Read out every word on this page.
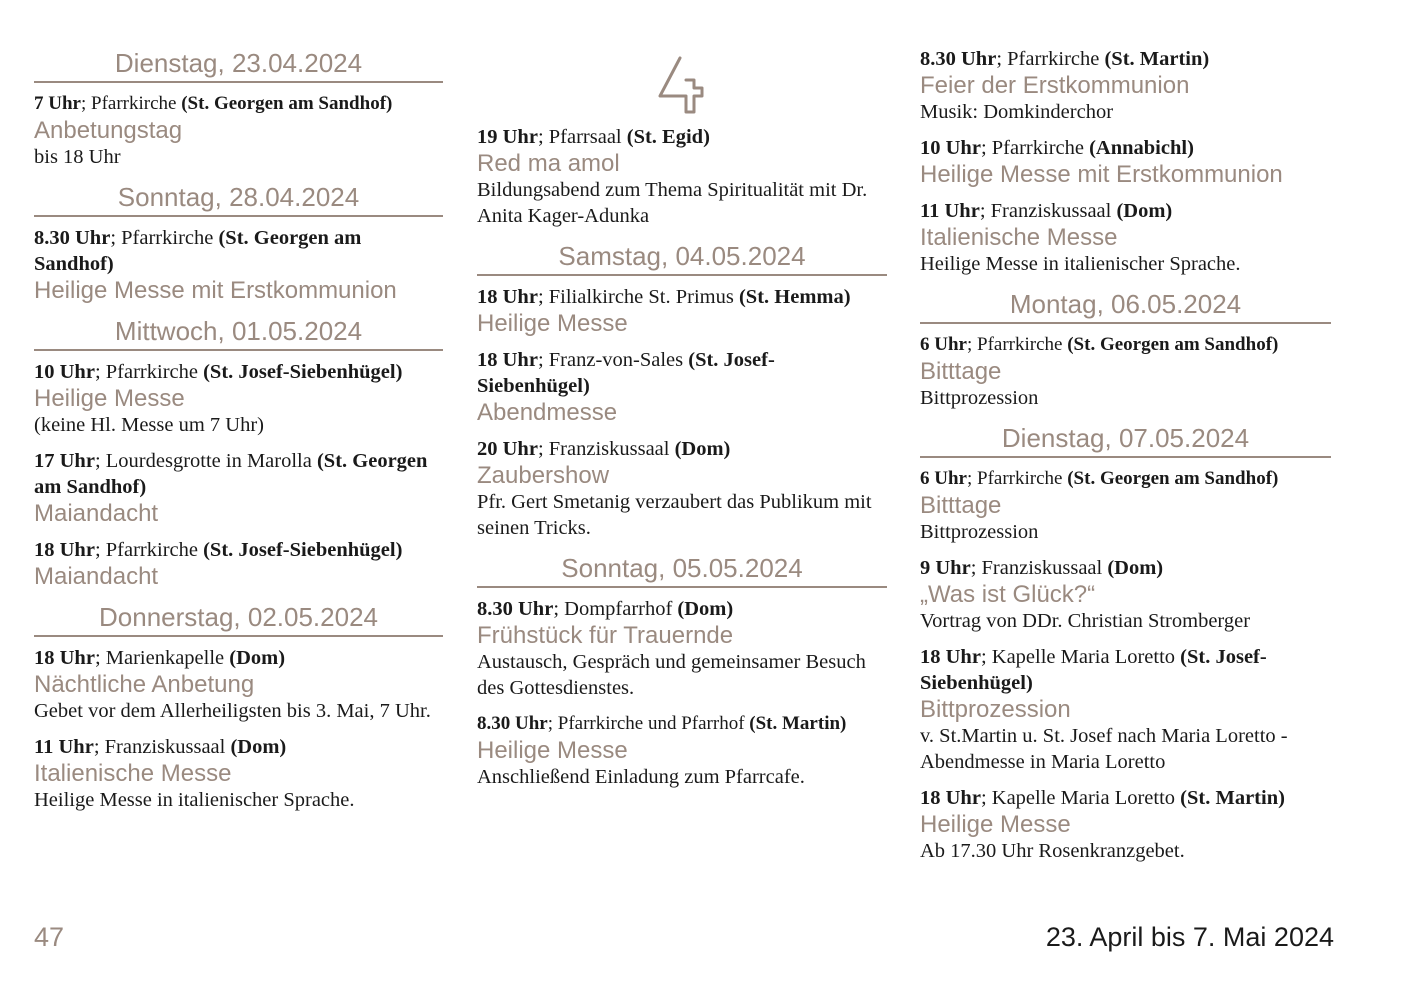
Dienstag, 23.04.2024
7 Uhr; Pfarrkirche (St. Georgen am Sandhof)
Anbetungstag
bis 18 Uhr
Sonntag, 28.04.2024
8.30 Uhr; Pfarrkirche (St. Georgen am Sandhof)
Heilige Messe mit Erstkommunion
Mittwoch, 01.05.2024
10 Uhr; Pfarrkirche (St. Josef-Siebenhügel)
Heilige Messe
(keine Hl. Messe um 7 Uhr)
17 Uhr; Lourdesgrotte in Marolla (St. Georgen am Sandhof)
Maiandacht
18 Uhr; Pfarrkirche (St. Josef-Siebenhügel)
Maiandacht
Donnerstag, 02.05.2024
18 Uhr; Marienkapelle (Dom)
Nächtliche Anbetung
Gebet vor dem Allerheiligsten bis 3. Mai, 7 Uhr.
11 Uhr; Franziskussaal (Dom)
Italienische Messe
Heilige Messe in italienischer Sprache.
19 Uhr; Pfarrsaal (St. Egid)
Red ma amol
Bildungsabend zum Thema Spiritualität mit Dr. Anita Kager-Adunka
Samstag, 04.05.2024
18 Uhr; Filialkirche St. Primus (St. Hemma)
Heilige Messe
18 Uhr; Franz-von-Sales (St. Josef-Siebenhügel)
Abendmesse
20 Uhr; Franziskussaal (Dom)
Zaubershow
Pfr. Gert Smetanig verzaubert das Publikum mit seinen Tricks.
Sonntag, 05.05.2024
8.30 Uhr; Dompfarrhof (Dom)
Frühstück für Trauernde
Austausch, Gespräch und gemeinsamer Besuch des Gottesdienstes.
8.30 Uhr; Pfarrkirche und Pfarrhof (St. Martin)
Heilige Messe
Anschließend Einladung zum Pfarrcafe.
8.30 Uhr; Pfarrkirche (St. Martin)
Feier der Erstkommunion
Musik: Domkinderchor
10 Uhr; Pfarrkirche (Annabichl)
Heilige Messe mit Erstkommunion
11 Uhr; Franziskussaal (Dom)
Italienische Messe
Heilige Messe in italienischer Sprache.
Montag, 06.05.2024
6 Uhr; Pfarrkirche (St. Georgen am Sandhof)
Bitttage
Bittprozession
Dienstag, 07.05.2024
6 Uhr; Pfarrkirche (St. Georgen am Sandhof)
Bitttage
Bittprozession
9 Uhr; Franziskussaal (Dom)
„Was ist Glück?“
Vortrag von DDr. Christian Stromberger
18 Uhr; Kapelle Maria Loretto (St. Josef-Siebenhügel)
Bittprozession
v. St.Martin u. St. Josef nach Maria Loretto - Abendmesse in Maria Loretto
18 Uhr; Kapelle Maria Loretto (St. Martin)
Heilige Messe
Ab 17.30 Uhr Rosenkranzgebet.
47	23. April bis 7. Mai 2024
